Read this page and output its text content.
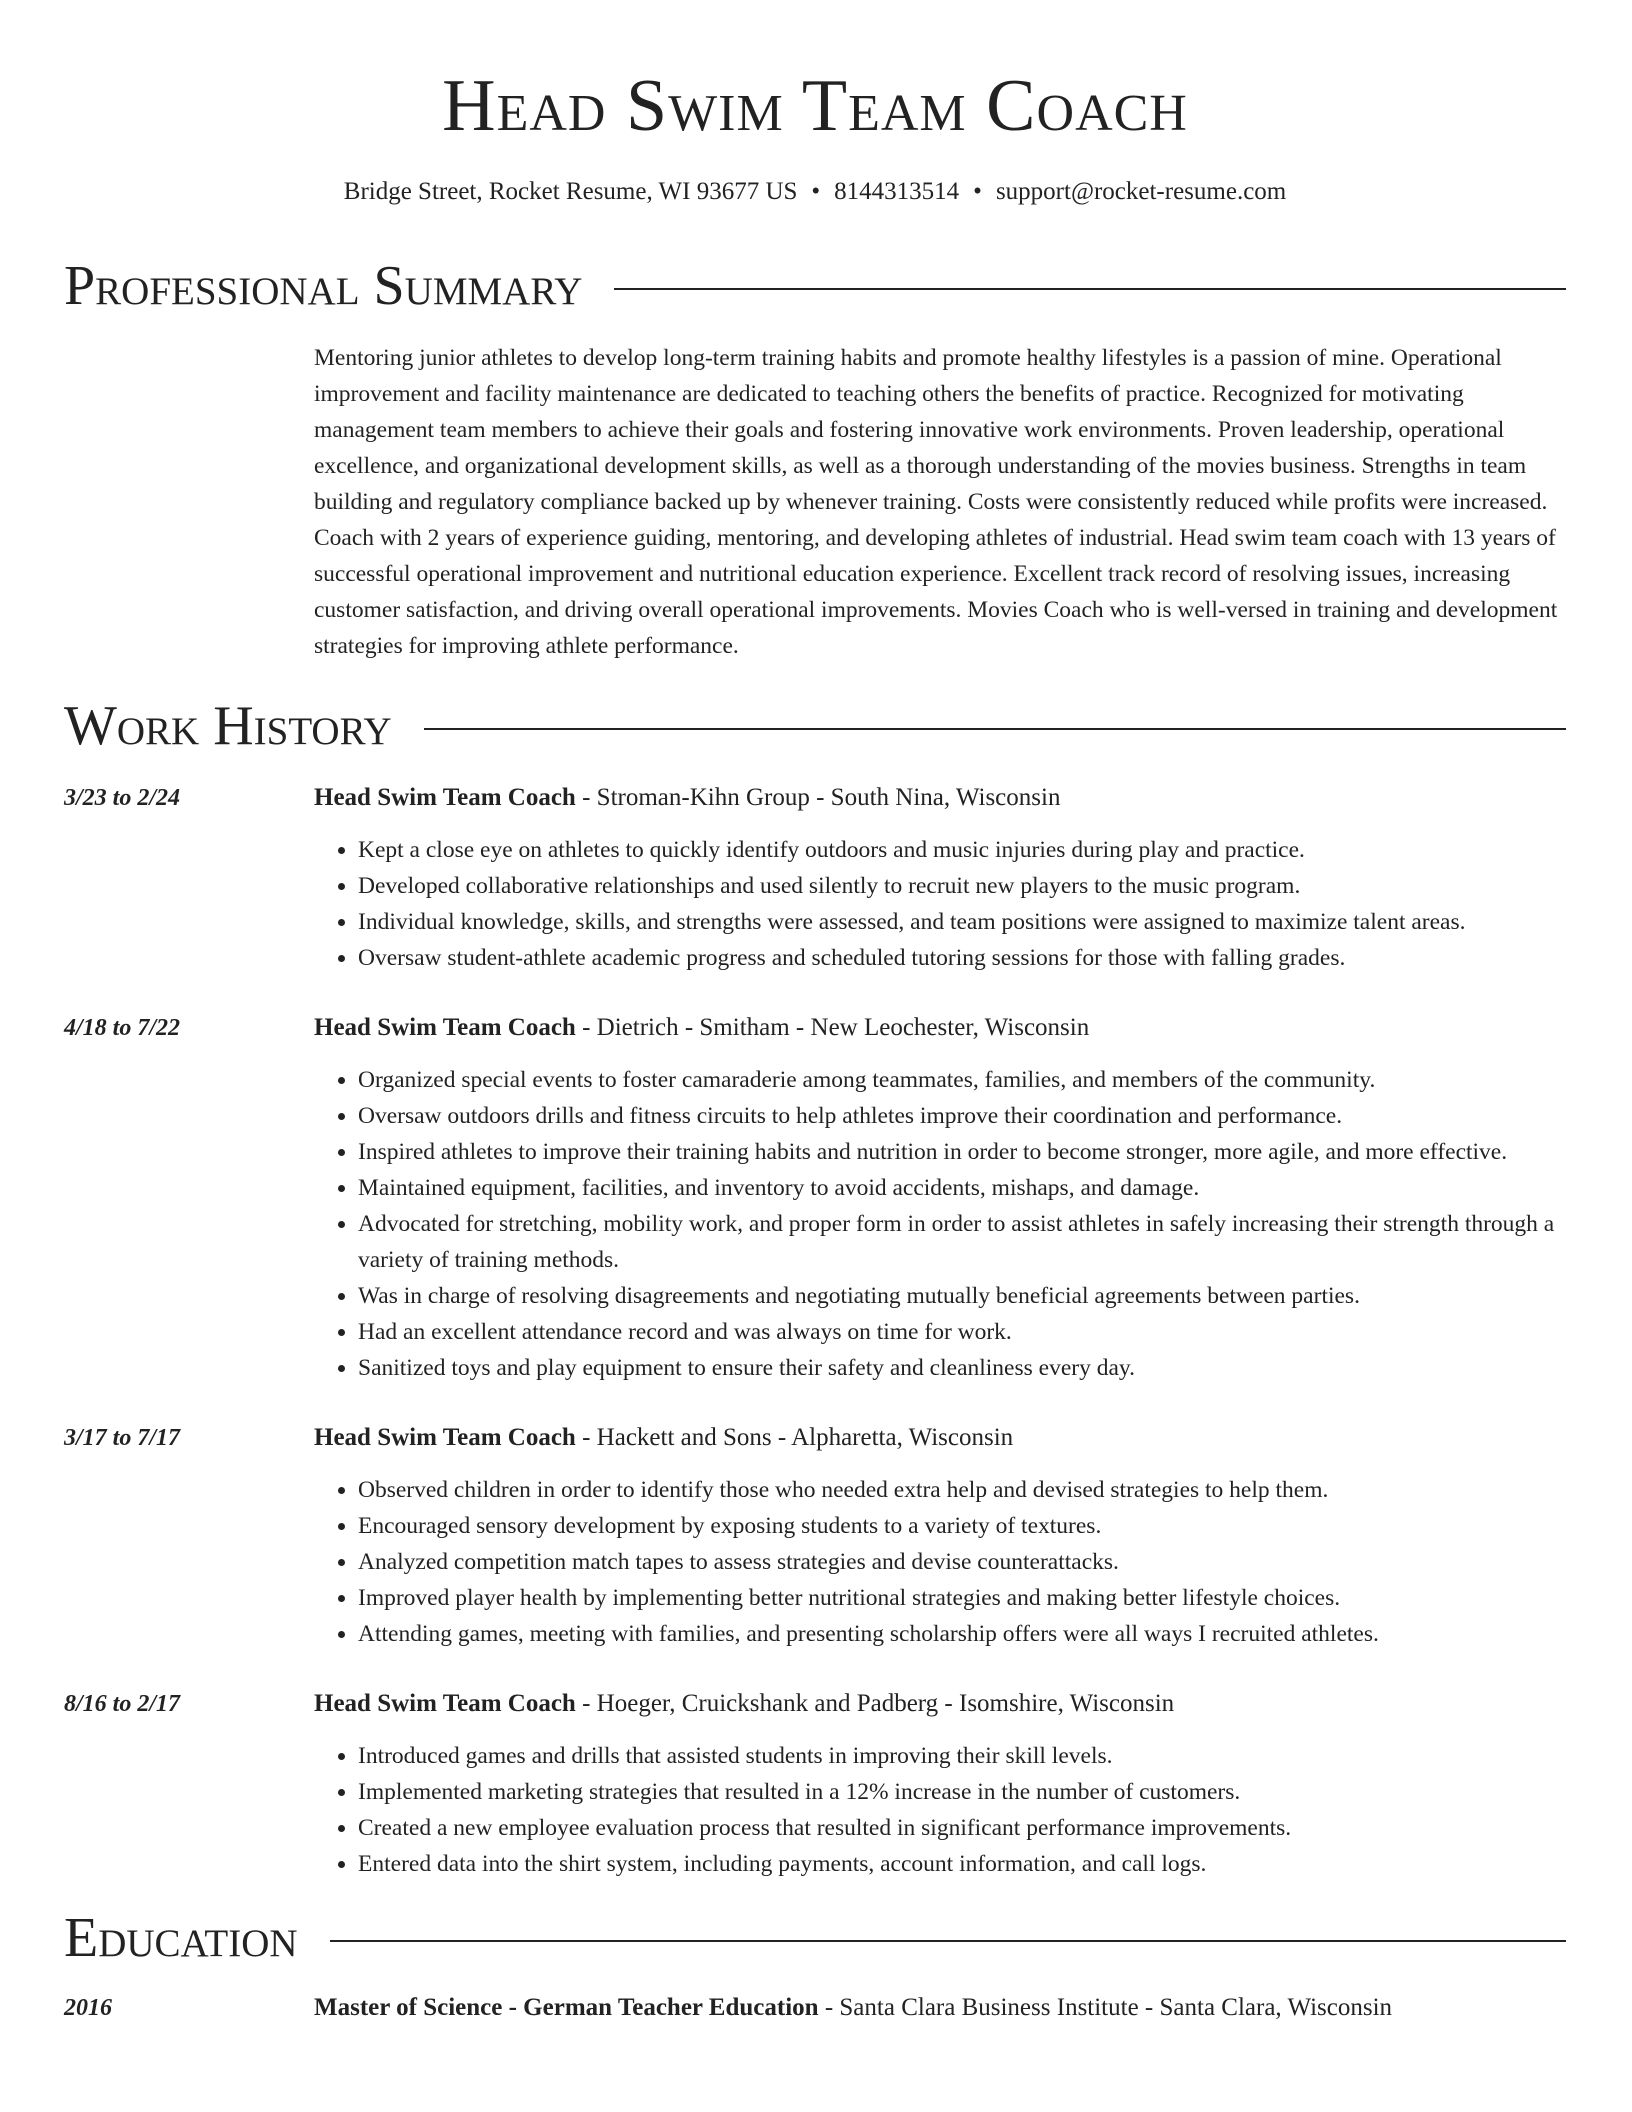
Head Swim Team Coach
Bridge Street, Rocket Resume, WI 93677 US • 8144313514 • support@rocket-resume.com
Professional Summary
Mentoring junior athletes to develop long-term training habits and promote healthy lifestyles is a passion of mine. Operational improvement and facility maintenance are dedicated to teaching others the benefits of practice. Recognized for motivating management team members to achieve their goals and fostering innovative work environments. Proven leadership, operational excellence, and organizational development skills, as well as a thorough understanding of the movies business. Strengths in team building and regulatory compliance backed up by whenever training. Costs were consistently reduced while profits were increased. Coach with 2 years of experience guiding, mentoring, and developing athletes of industrial. Head swim team coach with 13 years of successful operational improvement and nutritional education experience. Excellent track record of resolving issues, increasing customer satisfaction, and driving overall operational improvements. Movies Coach who is well-versed in training and development strategies for improving athlete performance.
Work History
3/23 to 2/24	Head Swim Team Coach - Stroman-Kihn Group - South Nina, Wisconsin
• Kept a close eye on athletes to quickly identify outdoors and music injuries during play and practice.
• Developed collaborative relationships and used silently to recruit new players to the music program.
• Individual knowledge, skills, and strengths were assessed, and team positions were assigned to maximize talent areas.
• Oversaw student-athlete academic progress and scheduled tutoring sessions for those with falling grades.
4/18 to 7/22	Head Swim Team Coach - Dietrich - Smitham - New Leochester, Wisconsin
• Organized special events to foster camaraderie among teammates, families, and members of the community.
• Oversaw outdoors drills and fitness circuits to help athletes improve their coordination and performance.
• Inspired athletes to improve their training habits and nutrition in order to become stronger, more agile, and more effective.
• Maintained equipment, facilities, and inventory to avoid accidents, mishaps, and damage.
• Advocated for stretching, mobility work, and proper form in order to assist athletes in safely increasing their strength through a variety of training methods.
• Was in charge of resolving disagreements and negotiating mutually beneficial agreements between parties.
• Had an excellent attendance record and was always on time for work.
• Sanitized toys and play equipment to ensure their safety and cleanliness every day.
3/17 to 7/17	Head Swim Team Coach - Hackett and Sons - Alpharetta, Wisconsin
• Observed children in order to identify those who needed extra help and devised strategies to help them.
• Encouraged sensory development by exposing students to a variety of textures.
• Analyzed competition match tapes to assess strategies and devise counterattacks.
• Improved player health by implementing better nutritional strategies and making better lifestyle choices.
• Attending games, meeting with families, and presenting scholarship offers were all ways I recruited athletes.
8/16 to 2/17	Head Swim Team Coach - Hoeger, Cruickshank and Padberg - Isomshire, Wisconsin
• Introduced games and drills that assisted students in improving their skill levels.
• Implemented marketing strategies that resulted in a 12% increase in the number of customers.
• Created a new employee evaluation process that resulted in significant performance improvements.
• Entered data into the shirt system, including payments, account information, and call logs.
Education
2016	Master of Science - German Teacher Education - Santa Clara Business Institute - Santa Clara, Wisconsin
